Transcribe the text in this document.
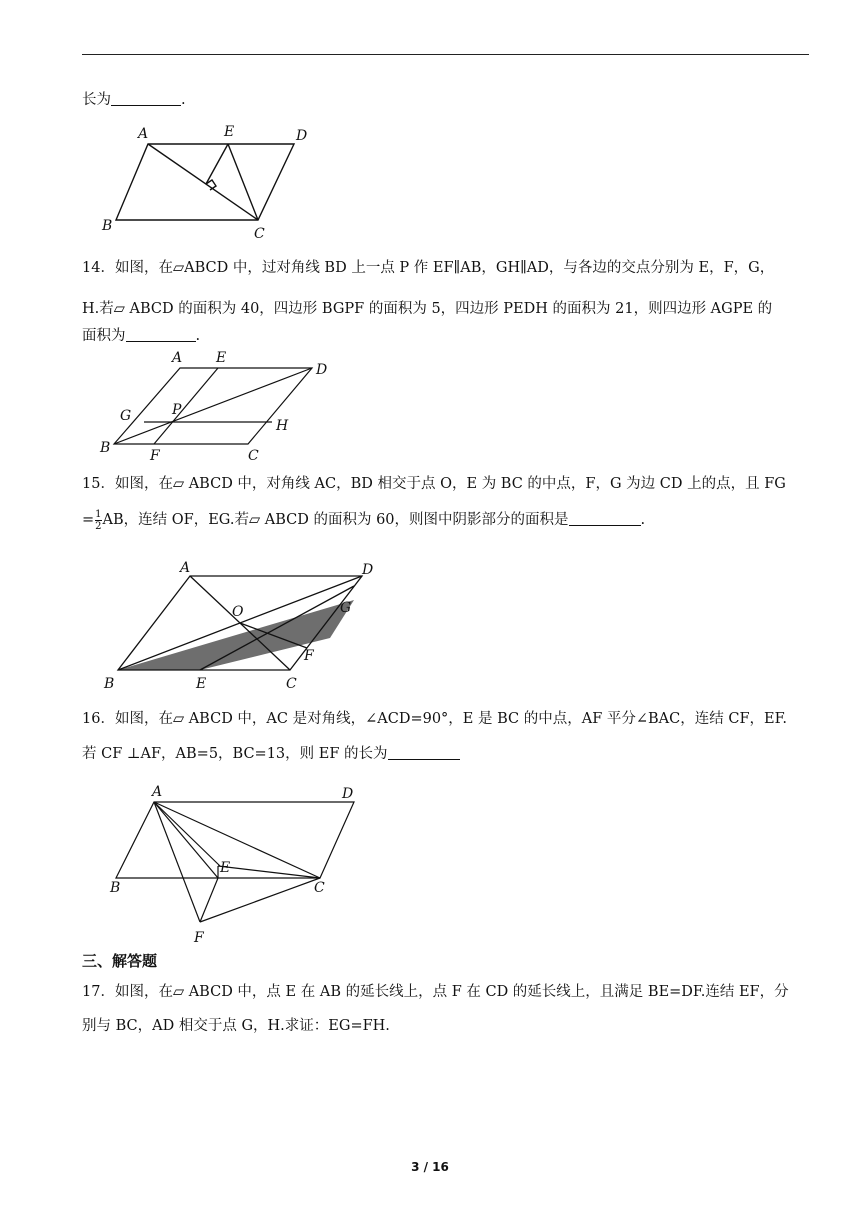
长为	.
A	E	D
B	C
14．如图，在▱ABCD 中，过对角线 BD 上一点 P 作 EF∥AB，GH∥AD，与各边的交点分别为 E，F，G，
H.若▱ ABCD 的面积为 40，四边形 BGPF 的面积为 5，四边形 PEDH 的面积为 21，则四边形 AGPE 的
面积为	.
A E
D
G	P
H
B	F	C
15．如图，在▱ ABCD 中，对角线 AC，BD 相交于点 O，E 为 BC 的中点，F，G 为边 CD 上的点，且 FG
= $\frac{1}{2}$ AB，连结 OF，EG.若▱ ABCD 的面积为 60，则图中阴影部分的面积是	.
A	D
O	G
F
B	E	C
16．如图，在▱ ABCD 中，AC 是对角线，∠ACD=90°，E 是 BC 的中点，AF 平分∠BAC，连结 CF，EF.
若 CF ⊥AF，AB=5，BC=13，则 EF 的长为
A	D
E
B	C
F
三、解答题
17．如图，在▱ ABCD 中，点 E 在 AB 的延长线上，点 F 在 CD 的延长线上，且满足 BE=DF.连结 EF，分
别与 BC，AD 相交于点 G，H.求证：EG=FH.
3 / 16
